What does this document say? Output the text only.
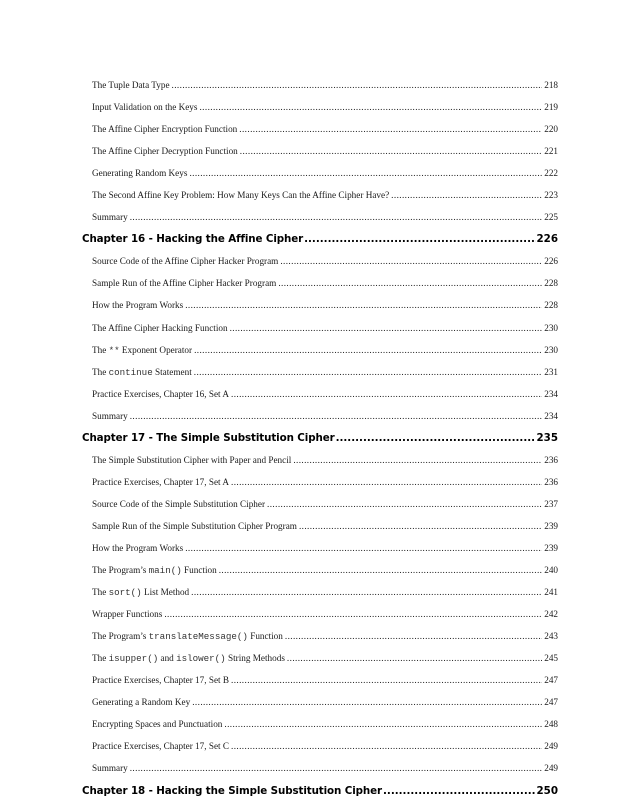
The Tuple Data Type .....	218
Input Validation on the Keys .....	219
The Affine Cipher Encryption Function .....	220
The Affine Cipher Decryption Function .....	221
Generating Random Keys .....	222
The Second Affine Key Problem: How Many Keys Can the Affine Cipher Have? .....	223
Summary .....	225
Chapter 16 - Hacking the Affine Cipher .....	226
Source Code of the Affine Cipher Hacker Program .....	226
Sample Run of the Affine Cipher Hacker Program .....	228
How the Program Works .....	228
The Affine Cipher Hacking Function .....	230
The ** Exponent Operator .....	230
The continue Statement .....	231
Practice Exercises, Chapter 16, Set A .....	234
Summary .....	234
Chapter 17 - The Simple Substitution Cipher .....	235
The Simple Substitution Cipher with Paper and Pencil .....	236
Practice Exercises, Chapter 17, Set A .....	236
Source Code of the Simple Substitution Cipher .....	237
Sample Run of the Simple Substitution Cipher Program .....	239
How the Program Works .....	239
The Program’s main() Function .....	240
The sort() List Method .....	241
Wrapper Functions .....	242
The Program’s translateMessage() Function .....	243
The isupper() and islower() String Methods .....	245
Practice Exercises, Chapter 17, Set B .....	247
Generating a Random Key .....	247
Encrypting Spaces and Punctuation .....	248
Practice Exercises, Chapter 17, Set C .....	249
Summary .....	249
Chapter 18 - Hacking the Simple Substitution Cipher .....	250
